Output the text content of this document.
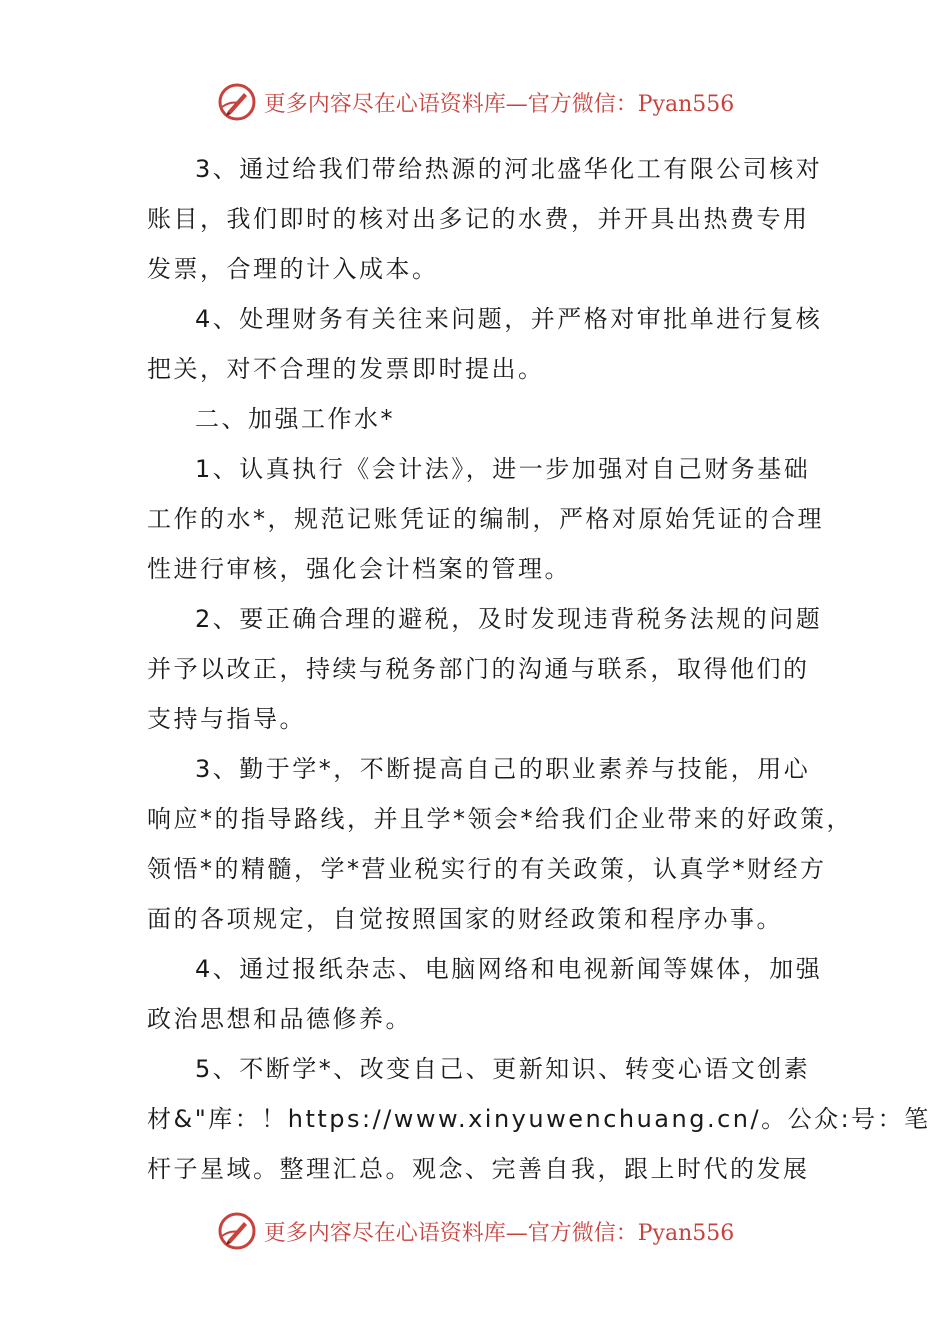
更多内容尽在心语资料库—官方微信：Pyan556
3、通过给我们带给热源的河北盛华化工有限公司核对
账目，我们即时的核对出多记的水费，并开具出热费专用
发票，合理的计入成本。
4、处理财务有关往来问题，并严格对审批单进行复核
把关，对不合理的发票即时提出。
二、加强工作水*
1、认真执行《会计法》，进一步加强对自己财务基础
工作的水*，规范记账凭证的编制，严格对原始凭证的合理
性进行审核，强化会计档案的管理。
2、要正确合理的避税，及时发现违背税务法规的问题
并予以改正，持续与税务部门的沟通与联系，取得他们的
支持与指导。
3、勤于学*，不断提高自己的职业素养与技能，用心
响应*的指导路线，并且学*领会*给我们企业带来的好政策，
领悟*的精髓，学*营业税实行的有关政策，认真学*财经方
面的各项规定，自觉按照国家的财经政策和程序办事。
4、通过报纸杂志、电脑网络和电视新闻等媒体，加强
政治思想和品德修养。
5、不断学*、改变自己、更新知识、转变心语文创素
材&"库：！https://www.xinyuwenchuang.cn/。公众:号：笔
杆子星域。整理汇总。观念、完善自我，跟上时代的发展
更多内容尽在心语资料库—官方微信：Pyan556
